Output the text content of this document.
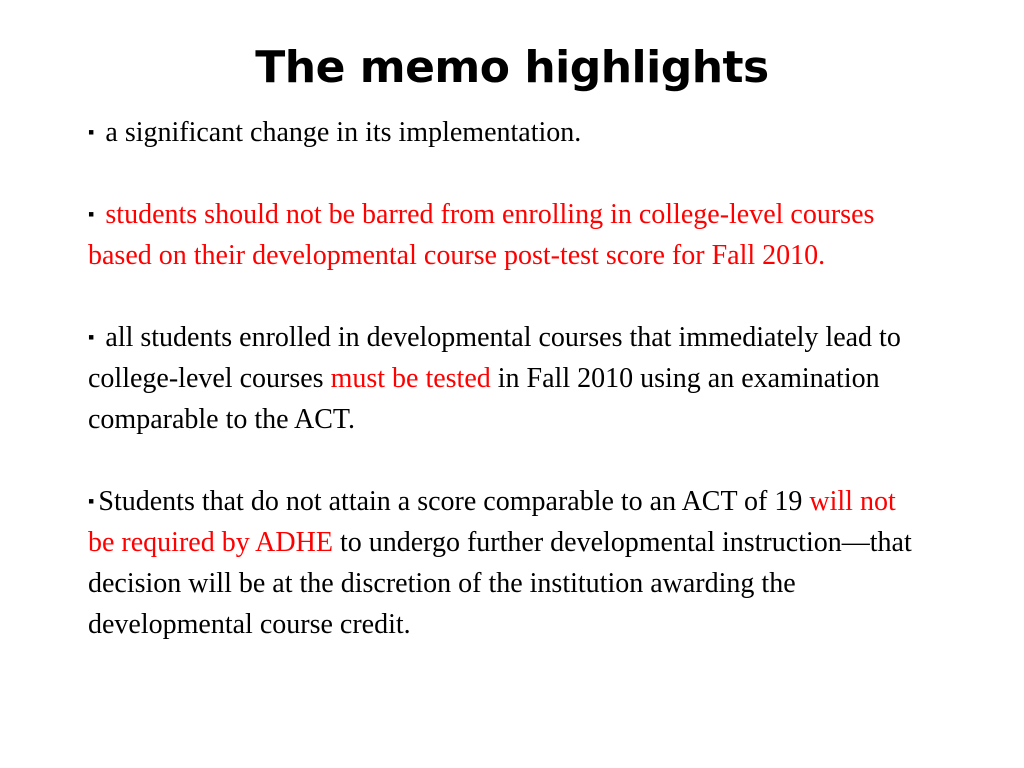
The memo highlights

▪ a significant change in its implementation.

▪ students should not be barred from enrolling in college-level courses based on their developmental course post-test score for Fall 2010.

▪ all students enrolled in developmental courses that immediately lead to college-level courses must be tested in Fall 2010 using an examination comparable to the ACT.

▪ Students that do not attain a score comparable to an ACT of 19 will not be required by ADHE to undergo further developmental instruction—that decision will be at the discretion of the institution awarding the developmental course credit.
